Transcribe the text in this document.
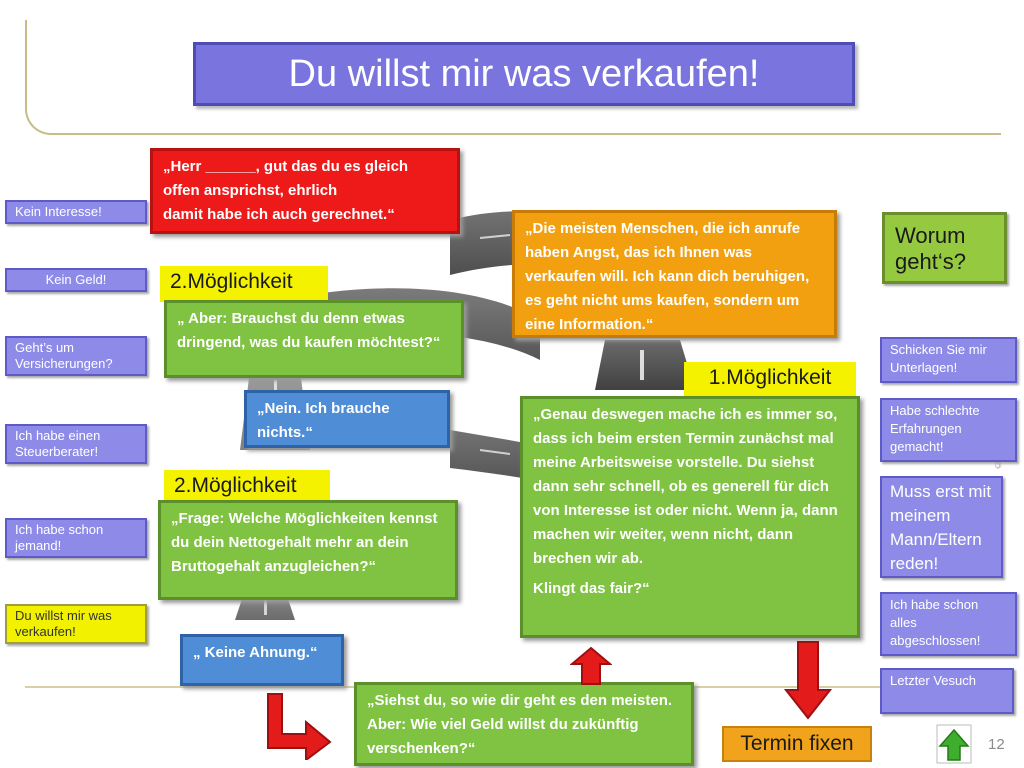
Du willst mir was verkaufen!
Kein Interesse!
Kein Geld!
Geht’s um Versicherungen?
Ich habe einen Steuerberater!
Ich habe schon jemand!
Du willst mir was verkaufen!
Worum geht‘s?
Schicken Sie mir Unterlagen!
Habe schlechte Erfahrungen gemacht!
Muss erst mit meinem Mann/Eltern reden!
Ich habe schon alles abgeschlossen!
Letzter Vesuch
„Herr ______, gut das du es gleich
offen ansprichst, ehrlich
damit habe ich auch gerechnet.“
„Die meisten Menschen, die ich anrufe haben Angst, das ich Ihnen was verkaufen will. Ich kann dich beruhigen, es geht nicht ums kaufen, sondern um eine Information.“
2.Möglichkeit
„ Aber: Brauchst du denn etwas dringend, was du kaufen möchtest?“
„Nein. Ich brauche nichts.“
1.Möglichkeit
„Genau deswegen mache ich es immer so, dass ich beim ersten Termin zunächst mal meine Arbeitsweise vorstelle. Du siehst dann sehr schnell, ob es generell für dich von Interesse ist oder nicht. Wenn ja, dann machen wir weiter, wenn nicht, dann brechen wir ab.
Klingt das fair?“
2.Möglichkeit
„Frage: Welche Möglichkeiten kennst du dein Nettogehalt mehr an dein Bruttogehalt anzugleichen?“
„ Keine Ahnung.“
„Siehst du, so wie dir geht es den meisten. Aber: Wie viel Geld willst du zukünftig verschenken?“	Termin fixen	12
©
